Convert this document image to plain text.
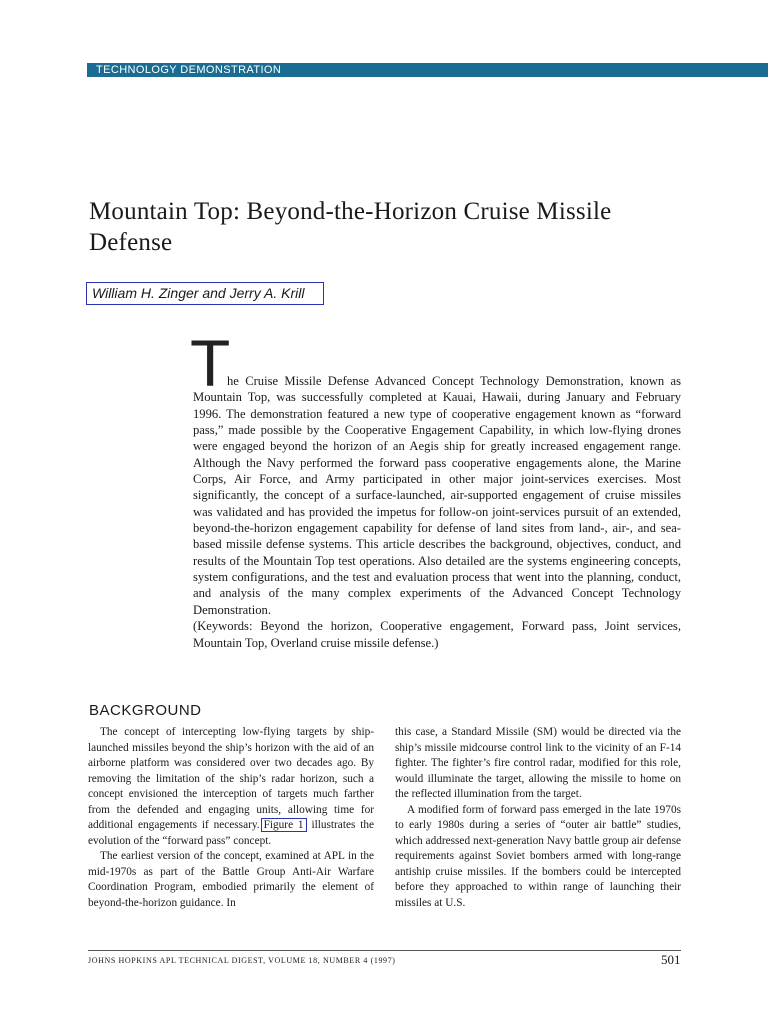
TECHNOLOGY DEMONSTRATION
Mountain Top: Beyond-the-Horizon Cruise Missile Defense
William H. Zinger and Jerry A. Krill
T

he Cruise Missile Defense Advanced Concept Technology Demonstration, known as Mountain Top, was successfully completed at Kauai, Hawaii, during January and February 1996. The demonstration featured a new type of cooperative engagement known as “forward pass,” made possible by the Cooperative Engagement Capability, in which low-flying drones were engaged beyond the horizon of an Aegis ship for greatly increased engagement range. Although the Navy performed the forward pass cooperative engagements alone, the Marine Corps, Air Force, and Army participated in other major joint-services exercises. Most significantly, the concept of a surface-launched, air-supported engagement of cruise missiles was validated and has provided the impetus for follow-on joint-services pursuit of an extended, beyond-the-horizon engagement capability for defense of land sites from land-, air-, and sea-based missile defense systems. This article describes the background, objectives, conduct, and results of the Mountain Top test operations. Also detailed are the systems engineering concepts, system configurations, and the test and evaluation process that went into the planning, conduct, and analysis of the many complex experiments of the Advanced Concept Technology Demonstration.

(Keywords: Beyond the horizon, Cooperative engagement, Forward pass, Joint services, Mountain Top, Overland cruise missile defense.)

BACKGROUND

The concept of intercepting low-flying targets by ship-launched missiles beyond the ship’s horizon with the aid of an airborne platform was considered over two decades ago. By removing the limitation of the ship’s radar horizon, such a concept envisioned the interception of targets much farther from the defended and engaging units, allowing time for additional engagements if necessary. Figure 1 illustrates the evolution of the “forward pass” concept.

The earliest version of the concept, examined at APL in the mid-1970s as part of the Battle Group Anti-Air Warfare Coordination Program, embodied primarily the element of beyond-the-horizon guidance. In

this case, a Standard Missile (SM) would be directed via the ship’s missile midcourse control link to the vicinity of an F-14 fighter. The fighter’s fire control radar, modified for this role, would illuminate the target, allowing the missile to home on the reflected illumination from the target.

A modified form of forward pass emerged in the late 1970s to early 1980s during a series of “outer air battle” studies, which addressed next-generation Navy battle group air defense requirements against Soviet bombers armed with long-range antiship cruise missiles. If the bombers could be intercepted before they approached to within range of launching their missiles at U.S.

JOHNS HOPKINS APL TECHNICAL DIGEST, VOLUME 18, NUMBER 4 (1997)	501
